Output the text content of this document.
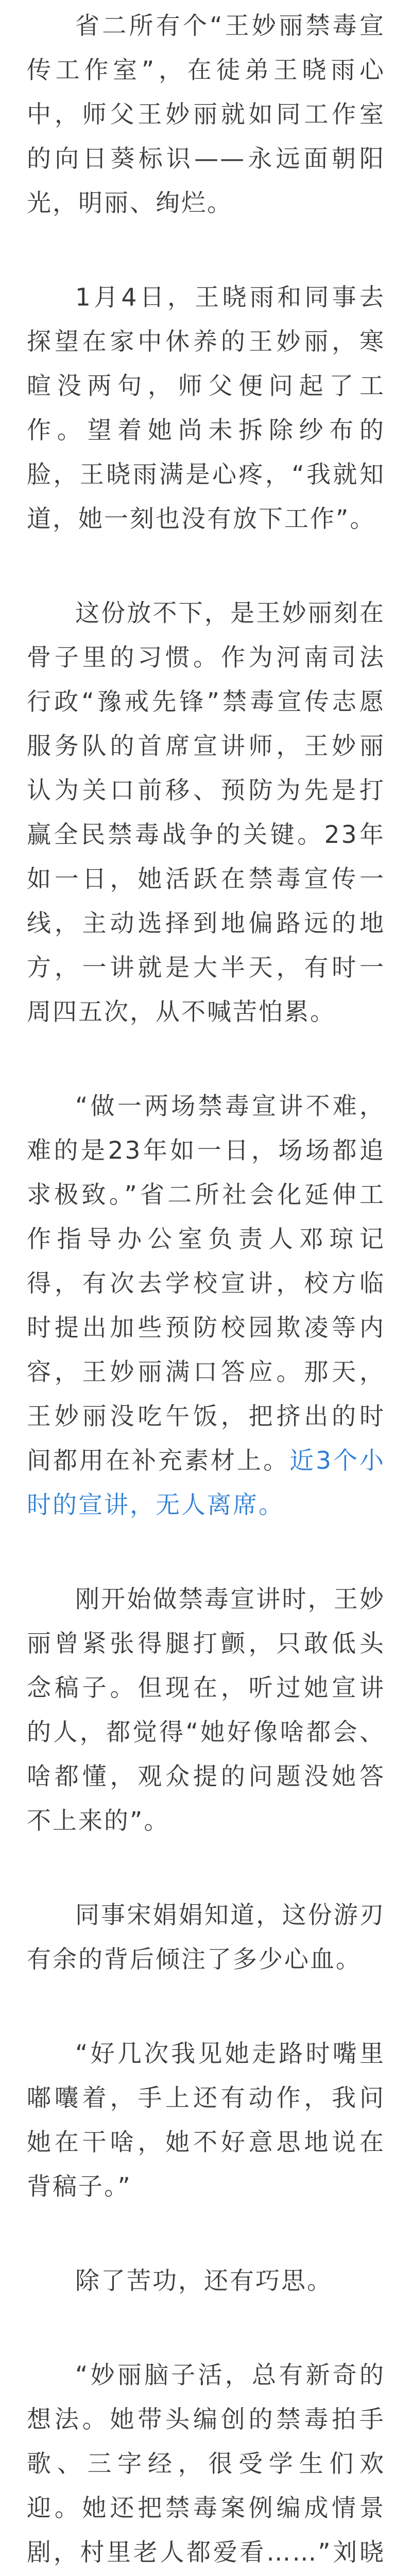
省二所有个“王妙丽禁毒宣传工作室”，在徒弟王晓雨心中，师父王妙丽就如同工作室的向日葵标识——永远面朝阳光，明丽、绚烂。

1月4日，王晓雨和同事去探望在家中休养的王妙丽，寒暄没两句，师父便问起了工作。望着她尚未拆除纱布的脸，王晓雨满是心疼，“我就知道，她一刻也没有放下工作”。

这份放不下，是王妙丽刻在骨子里的习惯。作为河南司法行政“豫戒先锋”禁毒宣传志愿服务队的首席宣讲师，王妙丽认为关口前移、预防为先是打赢全民禁毒战争的关键。23年如一日，她活跃在禁毒宣传一线，主动选择到地偏路远的地方，一讲就是大半天，有时一周四五次，从不喊苦怕累。

“做一两场禁毒宣讲不难，难的是23年如一日，场场都追求极致。”省二所社会化延伸工作指导办公室负责人邓琼记得，有次去学校宣讲，校方临时提出加些预防校园欺凌等内容，王妙丽满口答应。那天，王妙丽没吃午饭，把挤出的时间都用在补充素材上。近3个小时的宣讲，无人离席。

刚开始做禁毒宣讲时，王妙丽曾紧张得腿打颤，只敢低头念稿子。但现在，听过她宣讲的人，都觉得“她好像啥都会、啥都懂，观众提的问题没她答不上来的”。

同事宋娟娟知道，这份游刃有余的背后倾注了多少心血。

“好几次我见她走路时嘴里嘟囔着，手上还有动作，我问她在干啥，她不好意思地说在背稿子。”

除了苦功，还有巧思。

“妙丽脑子活，总有新奇的想法。她带头编创的禁毒拍手歌、三字经，很受学生们欢迎。她还把禁毒案例编成情景剧，村里老人都爱看……”刘晓
